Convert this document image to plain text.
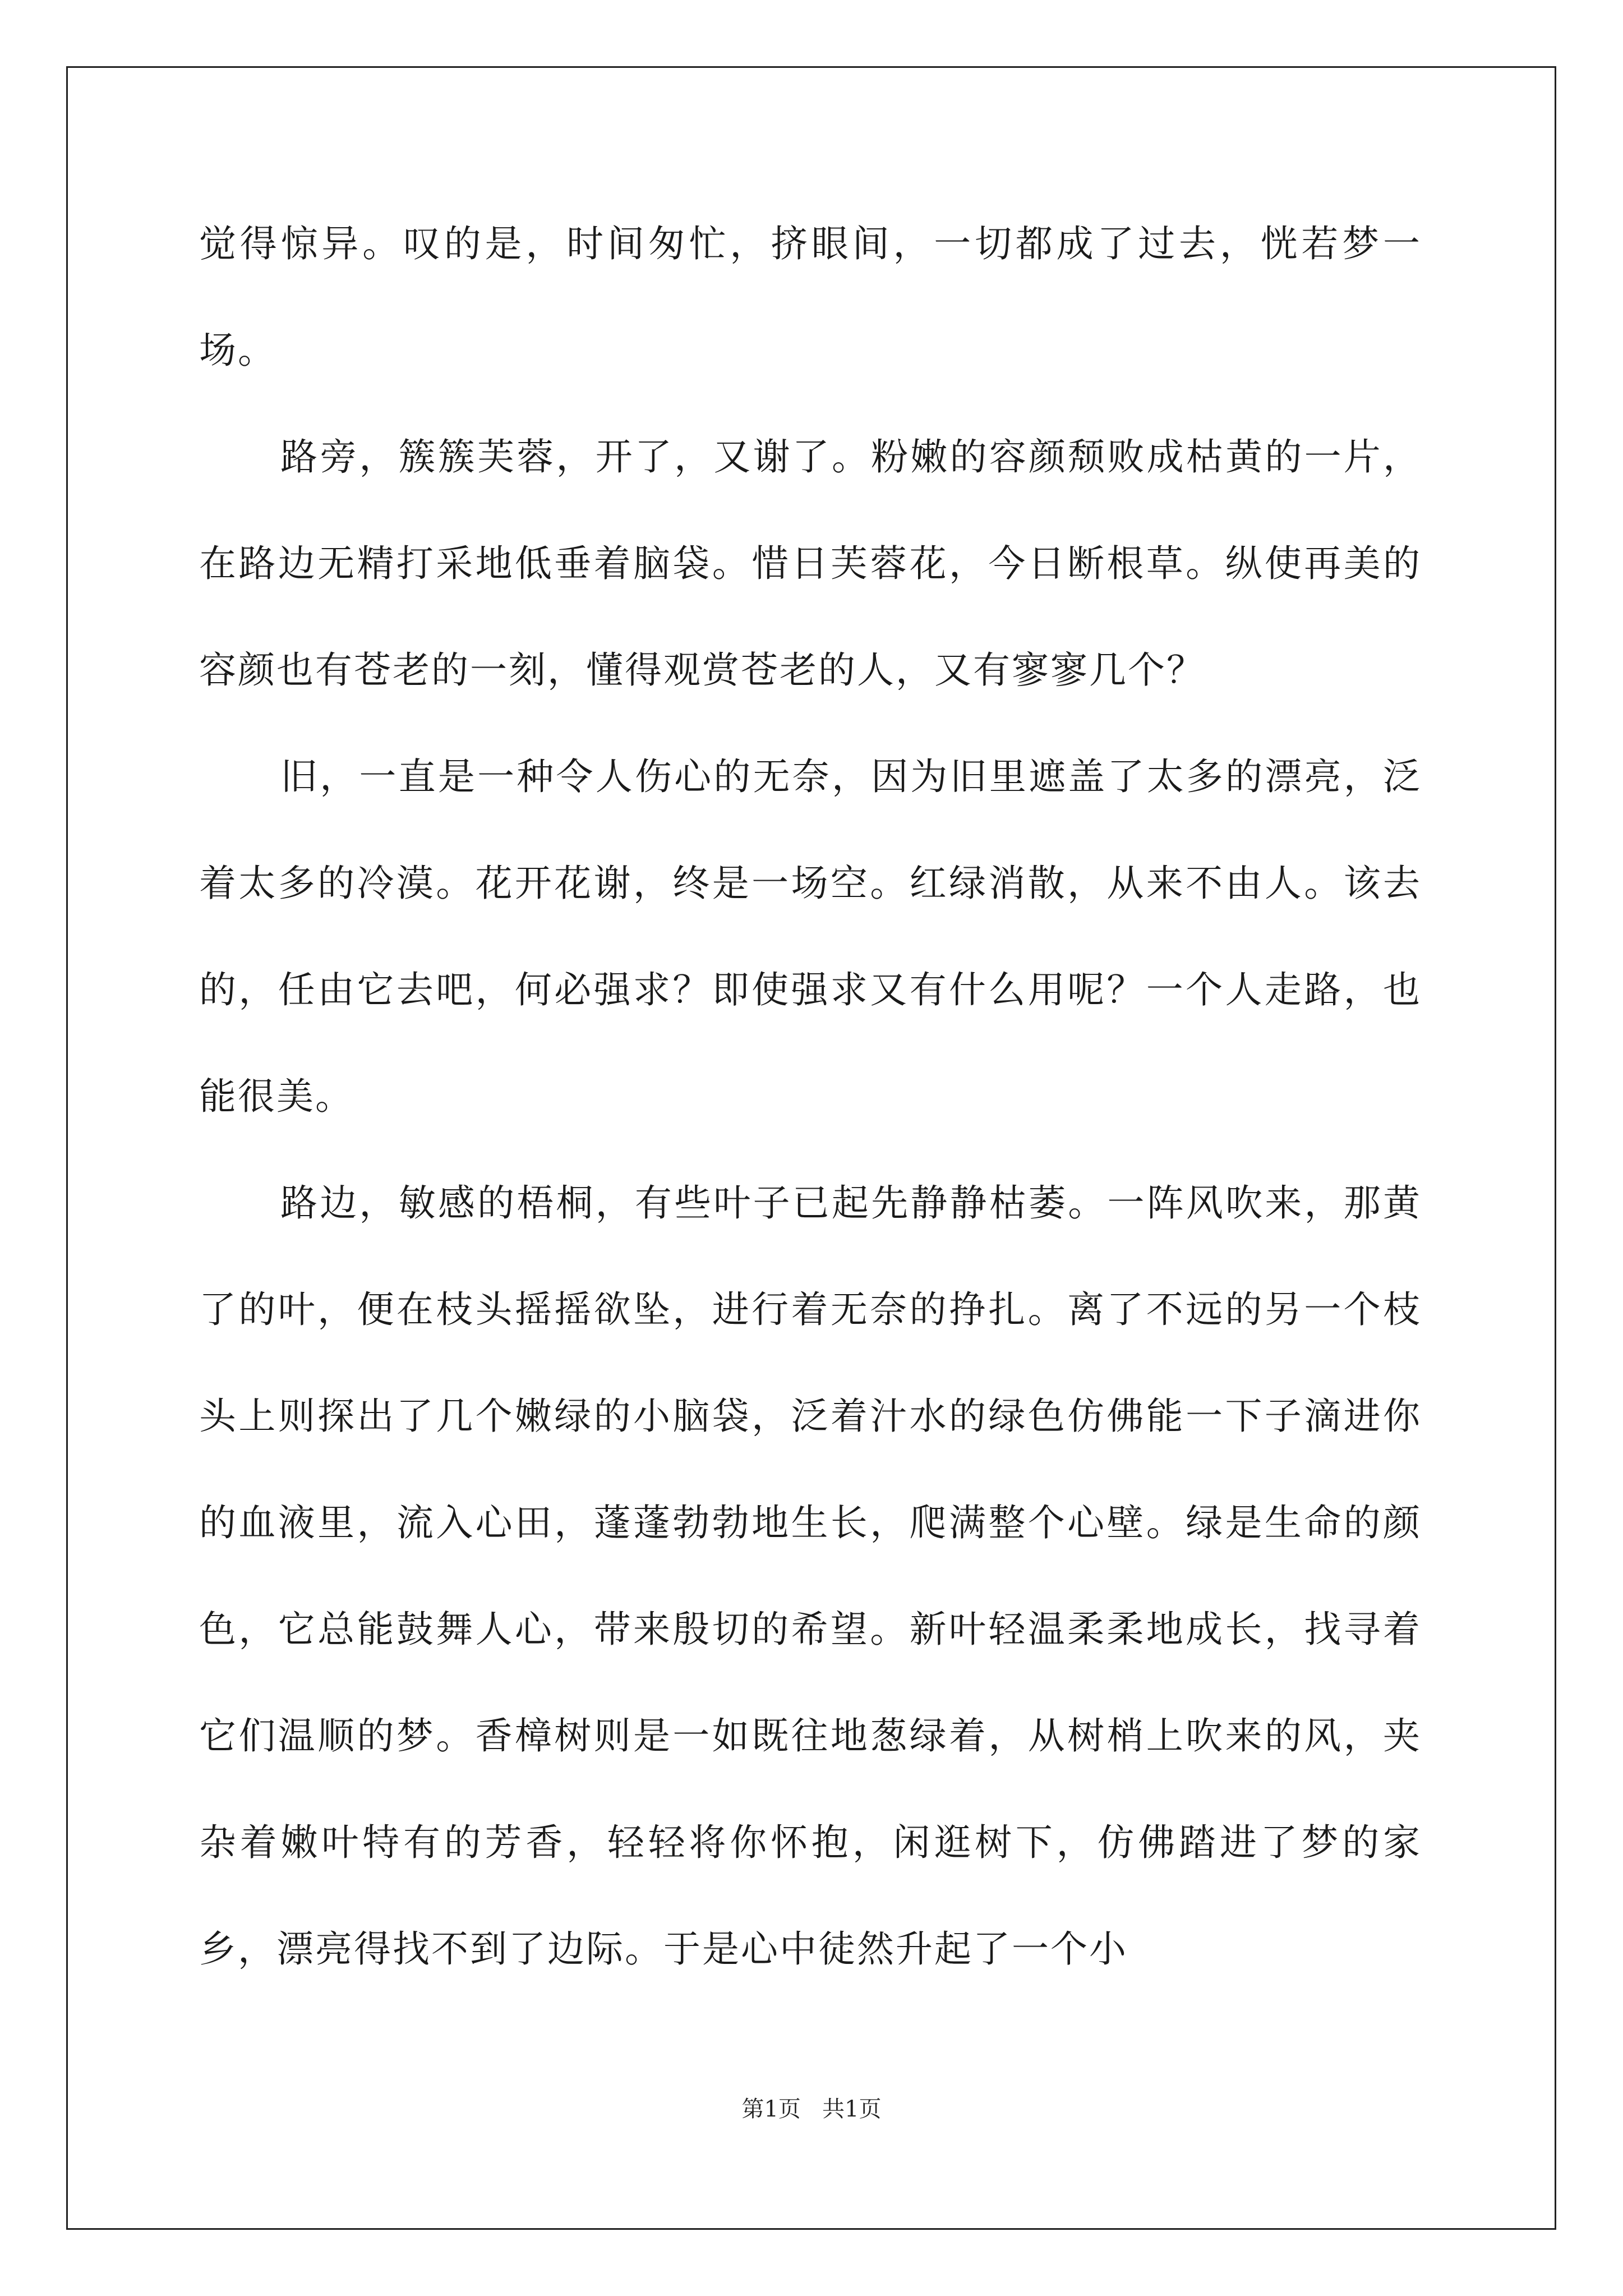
觉得惊异。叹的是，时间匆忙，挤眼间，一切都成了过去，恍若梦一场。

路旁，簇簇芙蓉，开了，又谢了。粉嫩的容颜颓败成枯黄的一片，在路边无精打采地低垂着脑袋。惜日芙蓉花，今日断根草。纵使再美的容颜也有苍老的一刻，懂得观赏苍老的人，又有寥寥几个？

旧，一直是一种令人伤心的无奈，因为旧里遮盖了太多的漂亮，泛着太多的冷漠。花开花谢，终是一场空。红绿消散，从来不由人。该去的，任由它去吧，何必强求？即使强求又有什么用呢？一个人走路，也能很美。

路边，敏感的梧桐，有些叶子已起先静静枯萎。一阵风吹来，那黄了的叶，便在枝头摇摇欲坠，进行着无奈的挣扎。离了不远的另一个枝头上则探出了几个嫩绿的小脑袋，泛着汁水的绿色仿佛能一下子滴进你的血液里，流入心田，蓬蓬勃勃地生长，爬满整个心壁。绿是生命的颜色，它总能鼓舞人心，带来殷切的希望。新叶轻温柔柔地成长，找寻着它们温顺的梦。香樟树则是一如既往地葱绿着，从树梢上吹来的风，夹杂着嫩叶特有的芳香，轻轻将你怀抱，闲逛树下，仿佛踏进了梦的家乡，漂亮得找不到了边际。于是心中徒然升起了一个小

第1页   共1页
